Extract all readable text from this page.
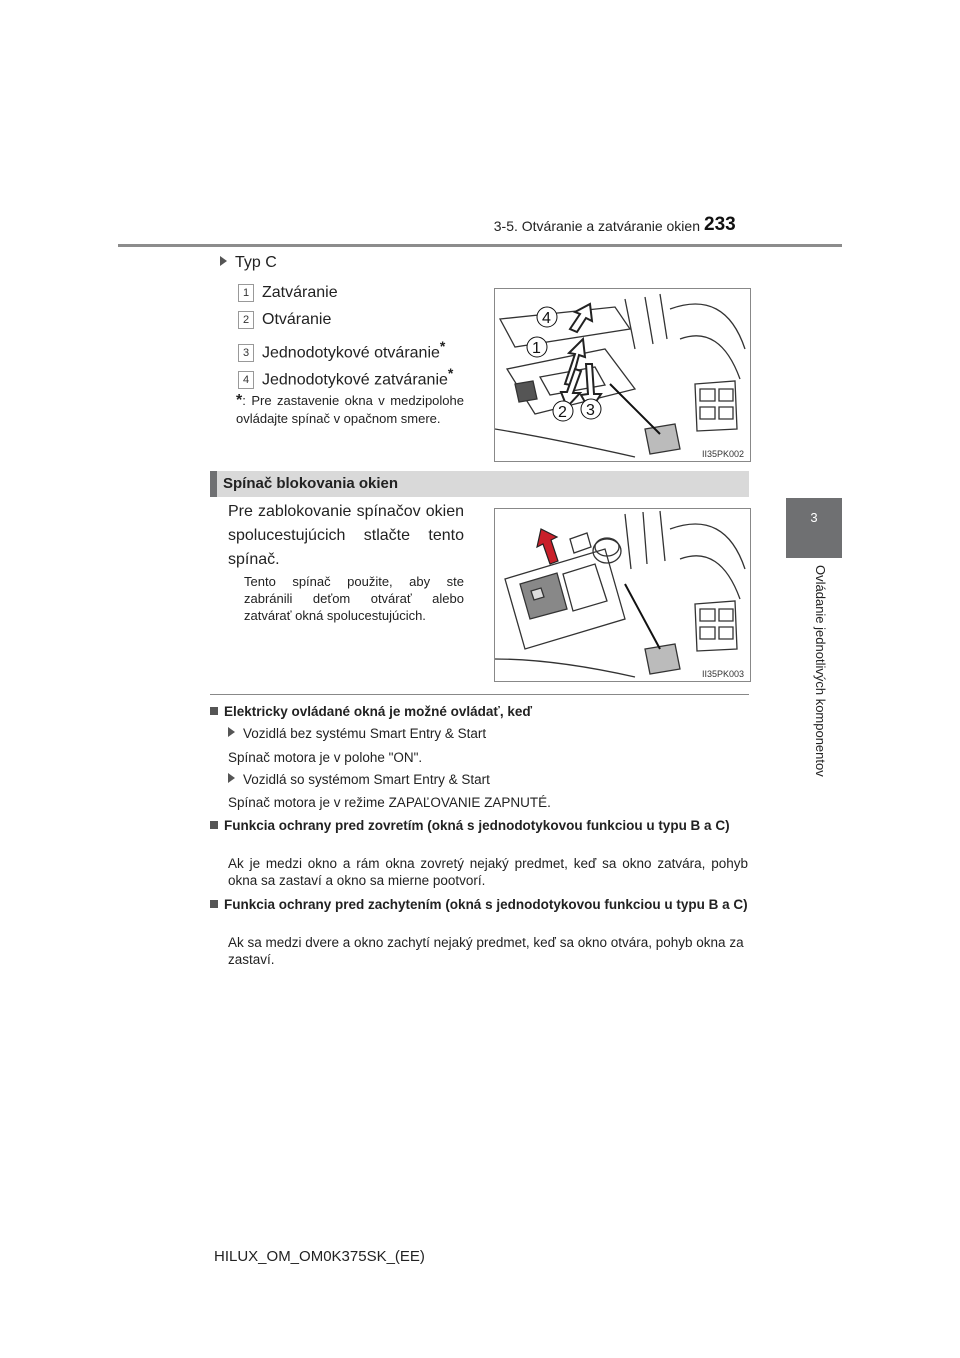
3-5. Otváranie a zatváranie okien 233
3
Ovládanie jednotlivých komponentov
Typ C
1 Zatváranie
2 Otváranie
3 Jednodotykové otváranie*
4 Jednodotykové zatváranie*
*: Pre zastavenie okna v medzipolohe ovládajte spínač v opačnom smere.
4
1
2 3
II35PK002
Spínač blokovania okien
Pre zablokovanie spínačov okien spolucestujúcich stlačte tento spínač.
Tento spínač použite, aby ste zabránili deťom otvárať alebo zatvárať okná spolucestujúcich.
II35PK003
Elektricky ovládané okná je možné ovládať, keď
Vozidlá bez systému Smart Entry & Start
Spínač motora je v polohe "ON".
Vozidlá so systémom Smart Entry & Start
Spínač motora je v režime ZAPAĽOVANIE ZAPNUTÉ.
Funkcia ochrany pred zovretím (okná s jednodotykovou funkciou u typu B a C)
Ak je medzi okno a rám okna zovretý nejaký predmet, keď sa okno zatvára, pohyb okna sa zastaví a okno sa mierne pootvorí.
Funkcia ochrany pred zachytením (okná s jednodotykovou funkciou u typu B a C)
Ak sa medzi dvere a okno zachytí nejaký predmet, keď sa okno otvára, pohyb okna za zastaví.
HILUX_OM_OM0K375SK_(EE)
